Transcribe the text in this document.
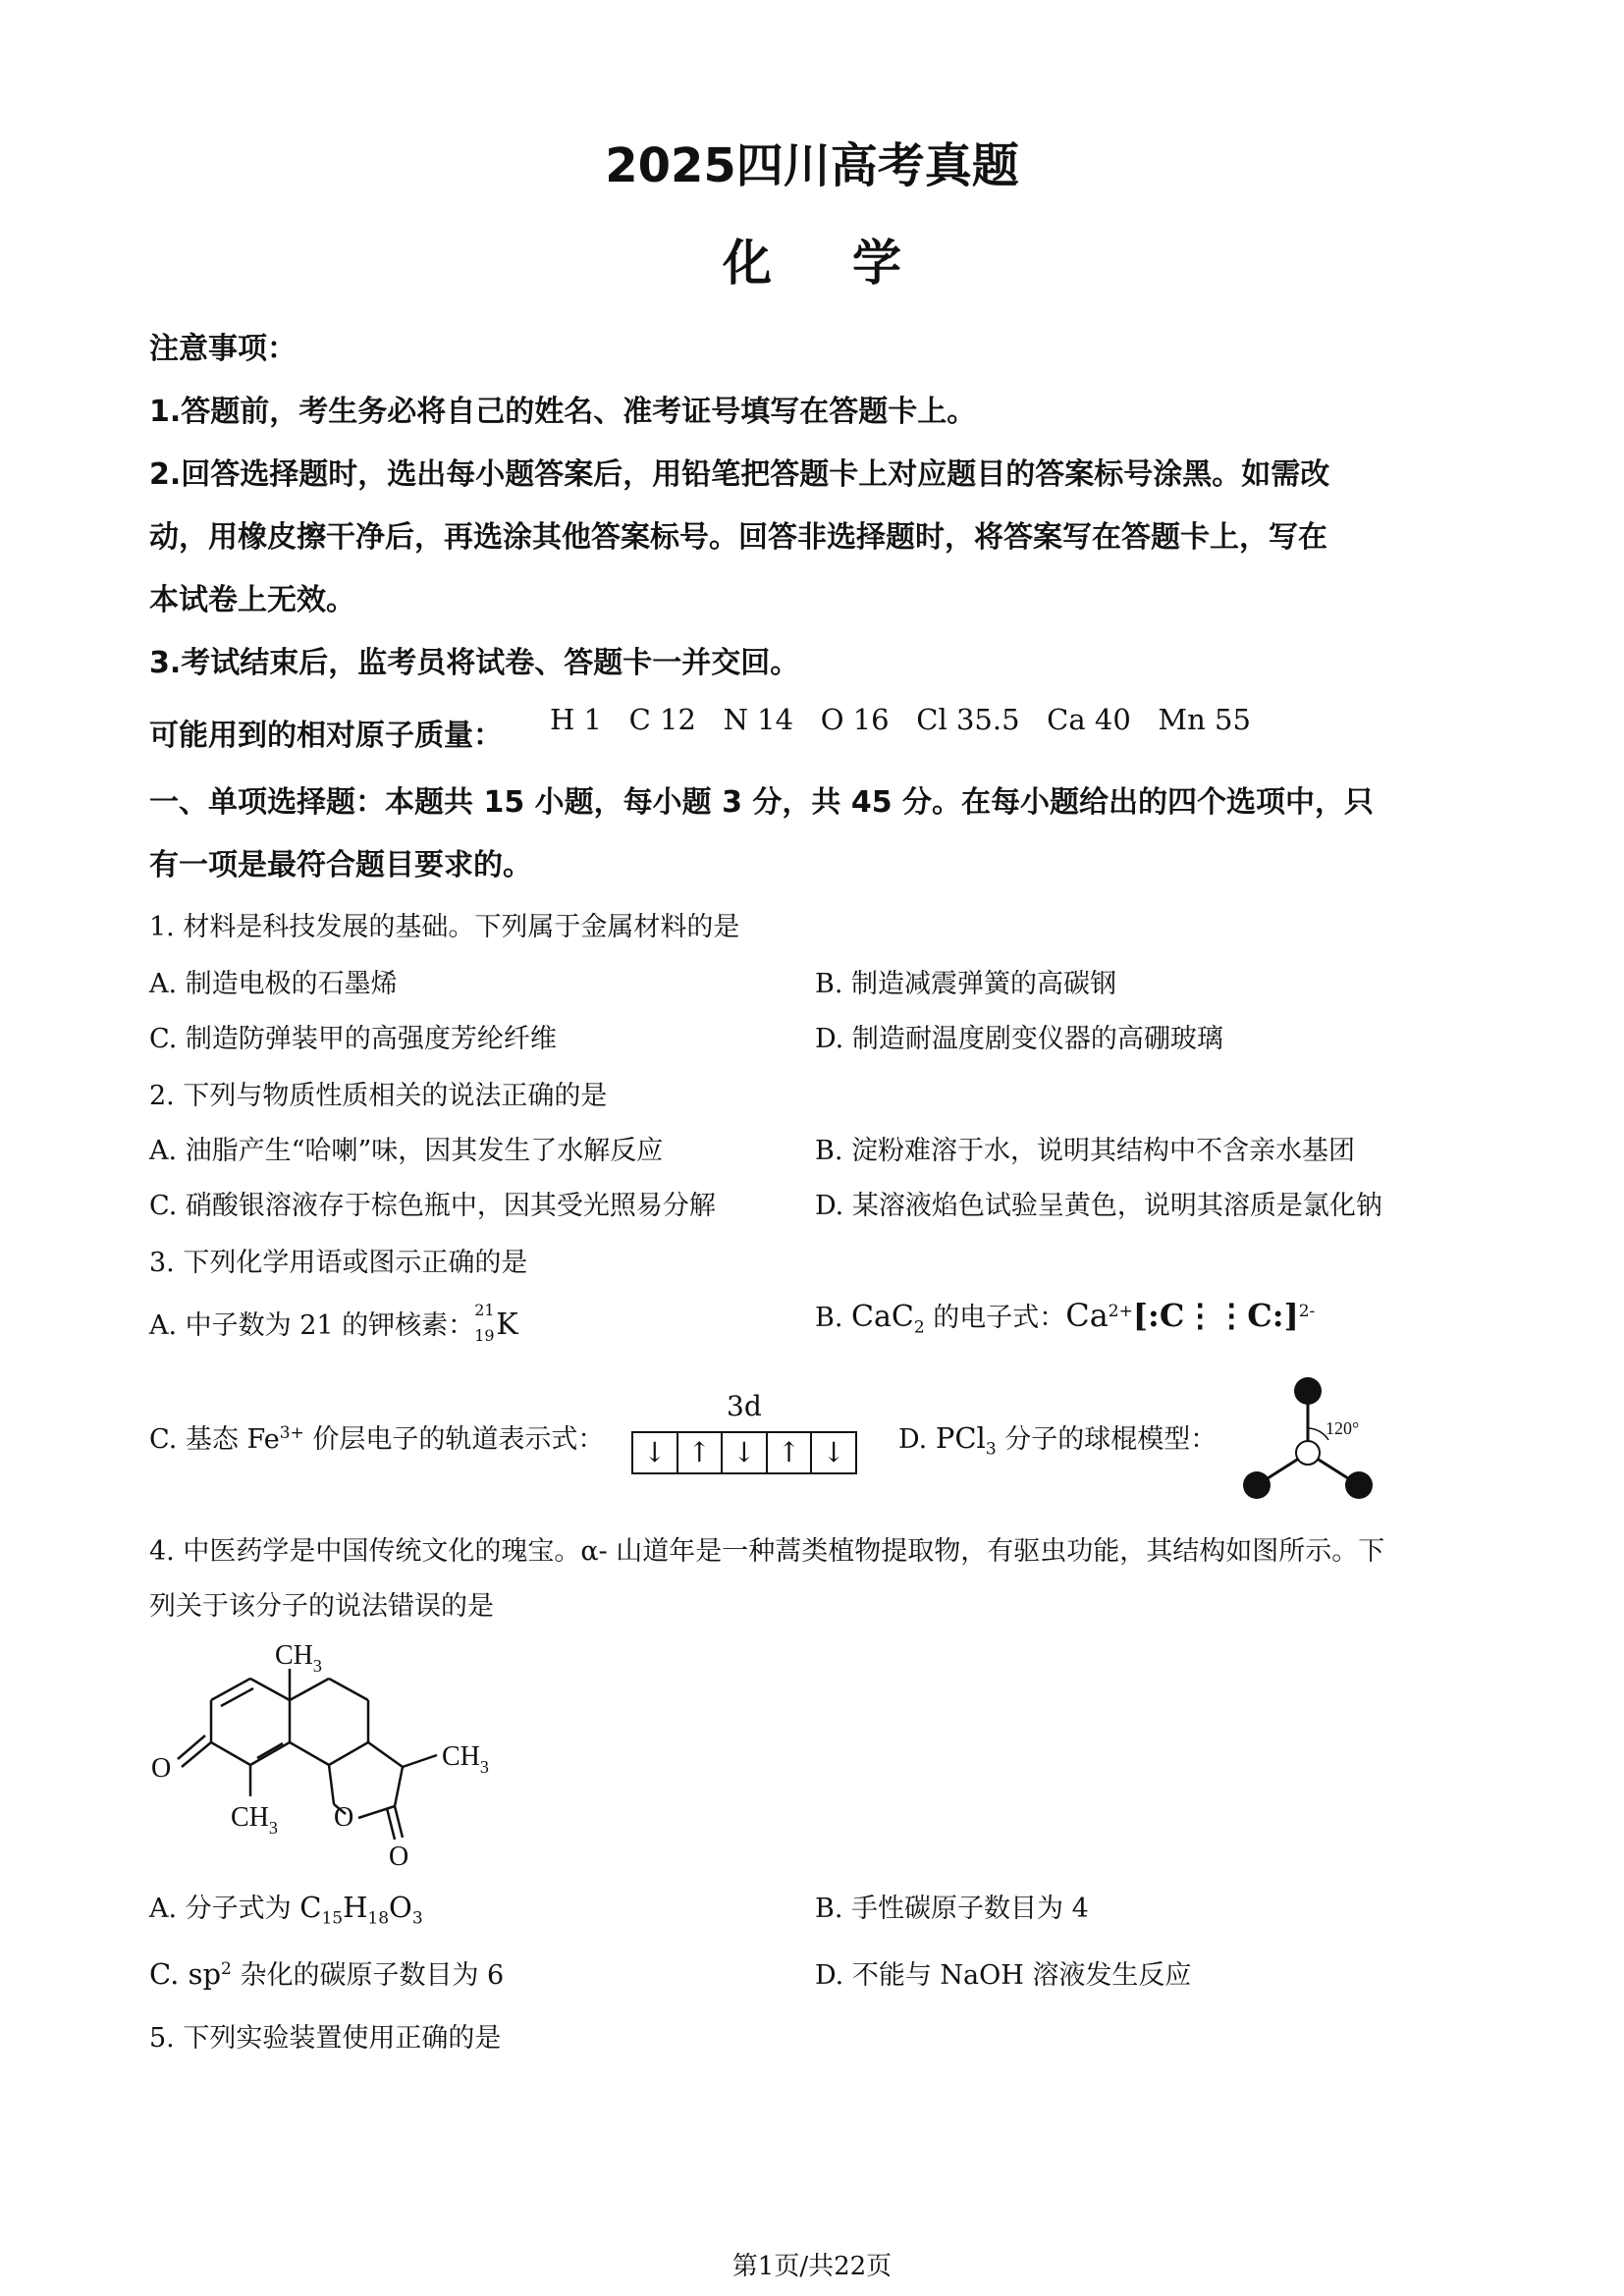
2025四川高考真题
化学
注意事项：
1.答题前，考生务必将自己的姓名、准考证号填写在答题卡上。
2.回答选择题时，选出每小题答案后，用铅笔把答题卡上对应题目的答案标号涂黑。如需改
动，用橡皮擦干净后，再选涂其他答案标号。回答非选择题时，将答案写在答题卡上，写在
本试卷上无效。
3.考试结束后，监考员将试卷、答题卡一并交回。
可能用到的相对原子质量： H 1   C 12   N 14   O 16   Cl 35.5   Ca 40   Mn 55
一、单项选择题：本题共 15 小题，每小题 3 分，共 45 分。在每小题给出的四个选项中，只
有一项是最符合题目要求的。
1. 材料是科技发展的基础。下列属于金属材料的是
A. 制造电极的石墨烯	B. 制造减震弹簧的高碳钢
C. 制造防弹装甲的高强度芳纶纤维	D. 制造耐温度剧变仪器的高硼玻璃
2. 下列与物质性质相关的说法正确的是
A. 油脂产生“哈喇”味，因其发生了水解反应	B. 淀粉难溶于水，说明其结构中不含亲水基团
C. 硝酸银溶液存于棕色瓶中，因其受光照易分解	D. 某溶液焰色试验呈黄色，说明其溶质是氯化钠
3. 下列化学用语或图示正确的是
A. 中子数为 21 的钾核素：
21
19 K	B. CaC$_2$ 的电子式：$Ca^{2+}[:C⋮⋮C:]^{2-}$
C. 基态 $Fe^{3+}$ 价层电子的轨道表示式：
3d
↓ ↑ ↓ ↑ ↓	D. PCl$_3$ 分子的球棍模型：	120°
4. 中医药学是中国传统文化的瑰宝。α- 山道年是一种蒿类植物提取物，有驱虫功能，其结构如图所示。下
列关于该分子的说法错误的是
$CH_3$
$CH_3$
$CH_3$
O
O
O
A. 分子式为 $C_{15}H_{18}O_3$	B. 手性碳原子数目为 4
C. $sp^2$ 杂化的碳原子数目为 6	D. 不能与 NaOH 溶液发生反应
5. 下列实验装置使用正确的是
第1页/共22页
